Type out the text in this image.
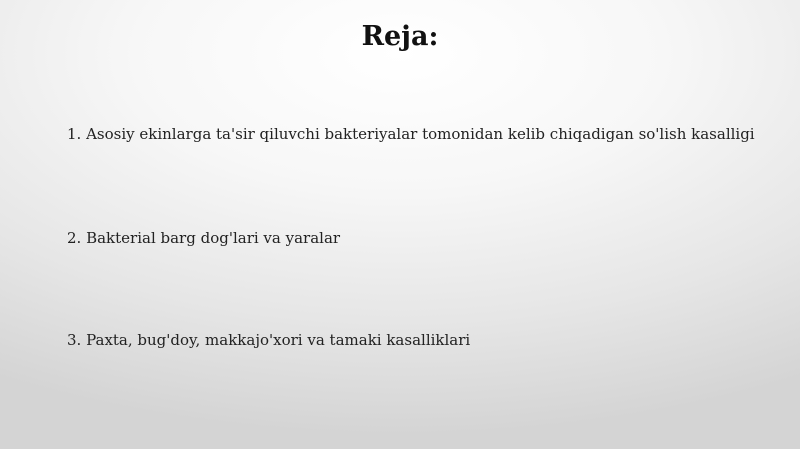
Reja:
1. Asosiy ekinlarga ta'sir qiluvchi bakteriyalar tomonidan kelib chiqadigan so'lish kasalligi
2. Bakterial barg dog'lari va yaralar
3. Paxta, bug'doy, makkajo'xori va tamaki kasalliklari
